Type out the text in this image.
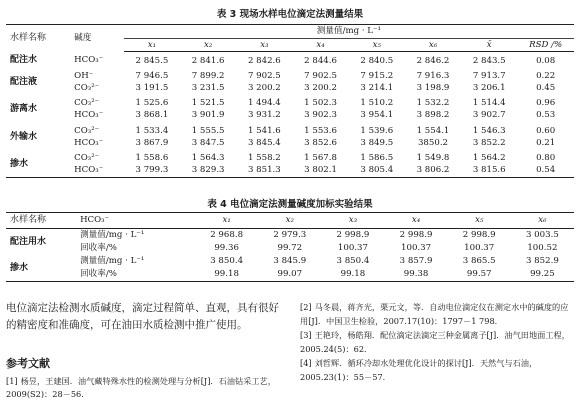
表 3 现场水样电位滴定法测量结果
水样名称	碱度	测量值/mg · L⁻¹							
		x₁	x₂	x₃	x₄	x₅	x₆	x̄	RSD /%
配注水	HCO₃⁻	2 845.5	2 841.6	2 842.6	2 844.6	2 840.5	2 846.2	2 843.5	0.08
配注液	OH⁻	7 946.5	7 899.2	7 902.5	7 902.5	7 915.2	7 916.3	7 913.7	0.22
	CO₃²⁻	3 191.5	3 231.5	3 200.2	3 200.2	3 214.1	3 198.9	3 206.1	0.45
游离水	CO₃²⁻	1 525.6	1 521.5	1 494.4	1 502.3	1 510.2	1 532.2	1 514.4	0.96
	HCO₃⁻	3 868.1	3 901.9	3 931.2	3 902.3	3 954.1	3 898.2	3 902.7	0.53
外输水	CO₃²⁻	1 533.4	1 555.5	1 541.6	1 553.6	1 539.6	1 554.1	1 546.3	0.60
	HCO₃⁻	3 867.9	3 847.5	3 845.4	3 852.6	3 849.5	3850.2	3 852.2	0.21
掺水	CO₃²⁻	1 558.6	1 564.3	1 558.2	1 567.8	1 586.5	1 549.8	1 564.2	0.80
	HCO₃⁻	3 799.3	3 829.3	3 851.3	3 802.1	3 805.4	3 806.2	3 815.6	0.54
表 4 电位滴定法测量碱度加标实验结果
水样名称	HCO₃⁻	x₁	x₂	x₃	x₄	x₅	x₆
配注用水	测量值/mg · L⁻¹	2 968.8	2 979.3	2 998.9	2 998.9	2 998.9	3 003.5
	回收率/%	99.36	99.72	100.37	100.37	100.37	100.52
掺水	测量值/mg · L⁻¹	3 850.4	3 845.9	3 850.4	3 857.9	3 865.5	3 852.9
	回收率/%	99.18	99.07	99.18	99.38	99.57	99.25
电位滴定法检测水质碱度，滴定过程简单、直观，具有很好的精密度和准确度，可在油田水质检测中推广使用。
参考文献
[1] 杨昱，王建国．油气藏特殊水性的检测处理与分析[J]．石油钻采工艺，2009(S2)：28－56．
[2] 马冬晨，蒋齐光，栗元文，等．自动电位滴定仪在测定水中的碱度的应用[J]．中国卫生检验，2007.17(10)：1797－1 798．
[3] 王艳玲，杨皓翔．配位滴定法滴定三种金属离子[J]．油气田地面工程，2005.24(5)：62．
[4] 刘哲辉．循环冷却水处理优化设计的探讨[J]．天然气与石油，2005.23(1)：55－57．
